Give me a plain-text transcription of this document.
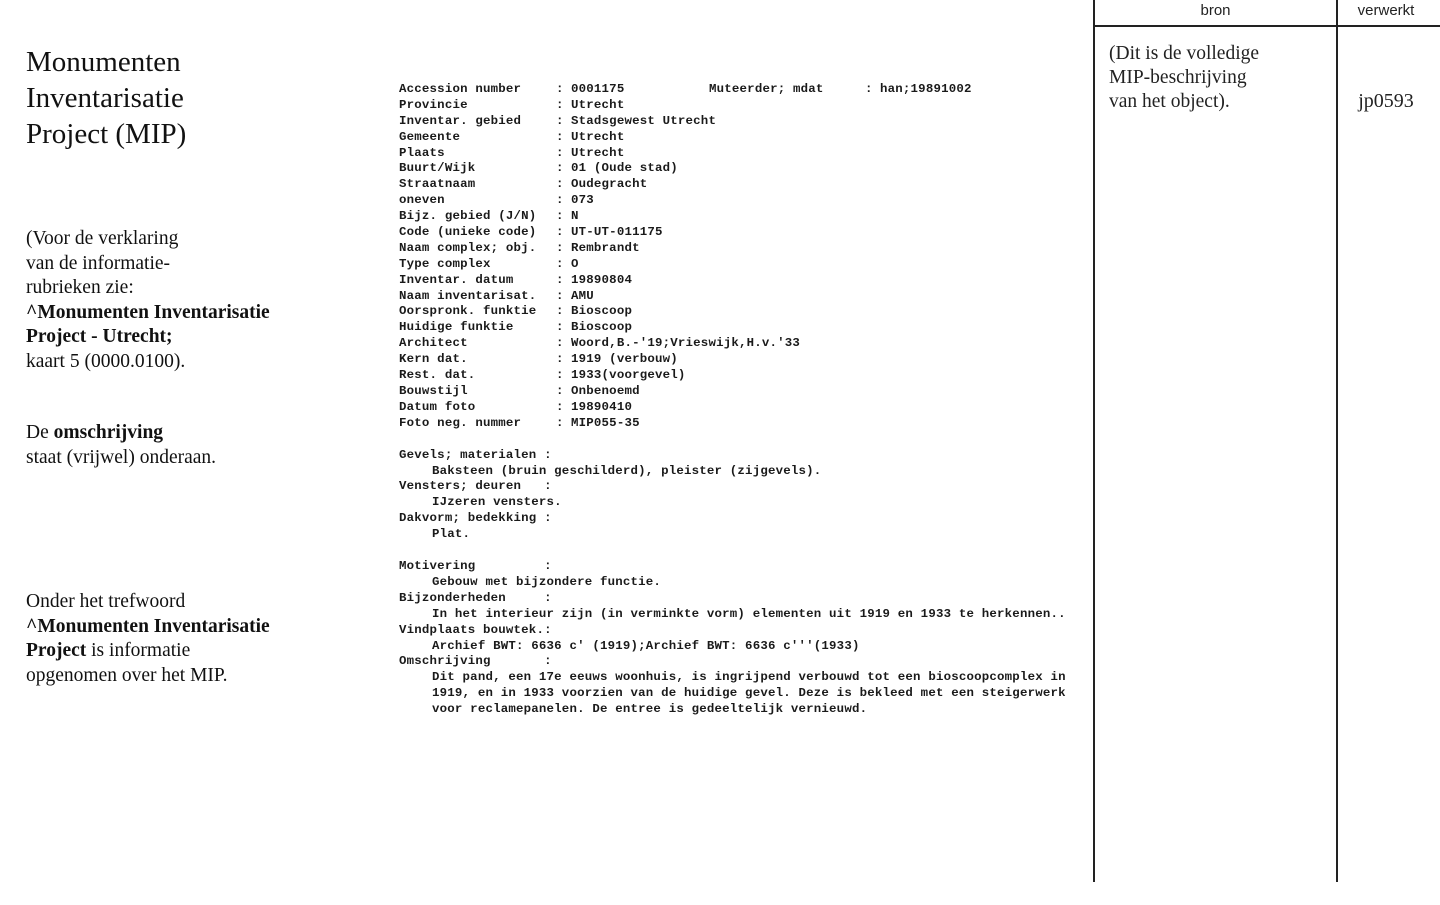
Monumenten
Inventarisatie
Project (MIP)
(Voor de verklaring
van de informatie-
rubrieken zie:
^Monumenten Inventarisatie
Project - Utrecht;
kaart 5 (0000.0100).
De omschrijving
staat (vrijwel) onderaan.
Onder het trefwoord
^Monumenten Inventarisatie
Project is informatie
opgenomen over het MIP.
Accession number	: 0001175	Muteerder; mdat	: han;19891002
Provincie	: Utrecht
Inventar. gebied	: Stadsgewest Utrecht
Gemeente	: Utrecht
Plaats	: Utrecht
Buurt/Wijk	: 01 (Oude stad)
Straatnaam	: Oudegracht
oneven	: 073
Bijz. gebied (J/N) : N
Code (unieke code) : UT-UT-011175
Naam complex; obj. : Rembrandt
Type complex	: O
Inventar. datum	: 19890804
Naam inventarisat. : AMU
Oorspronk. funktie : Bioscoop
Huidige funktie	: Bioscoop
Architect	: Woord,B.-'19;Vrieswijk,H.v.'33
Kern dat.	: 1919 (verbouw)
Rest. dat.	: 1933(voorgevel)
Bouwstijl	: Onbenoemd
Datum foto	: 19890410
Foto neg. nummer	: MIP055-35
Gevels; materialen :
Baksteen (bruin geschilderd), pleister (zijgevels).
Vensters; deuren   :
IJzeren vensters.
Dakvorm; bedekking :
Plat.
Motivering         :
Gebouw met bijzondere functie.
Bijzonderheden     :
In het interieur zijn (in verminkte vorm) elementen uit 1919 en 1933 te herkennen..
Vindplaats bouwtek.:
Archief BWT: 6636 c' (1919);Archief BWT: 6636 c'''(1933)
Omschrijving       :
Dit pand, een 17e eeuws woonhuis, is ingrijpend verbouwd tot een bioscoopcomplex in 1919, en in 1933 voorzien van de huidige gevel. Deze is bekleed met een steigerwerk voor reclamepanelen. De entree is gedeeltelijk vernieuwd.
bron	verwerkt
(Dit is de volledige
MIP-beschrijving
van het object).	jp0593
